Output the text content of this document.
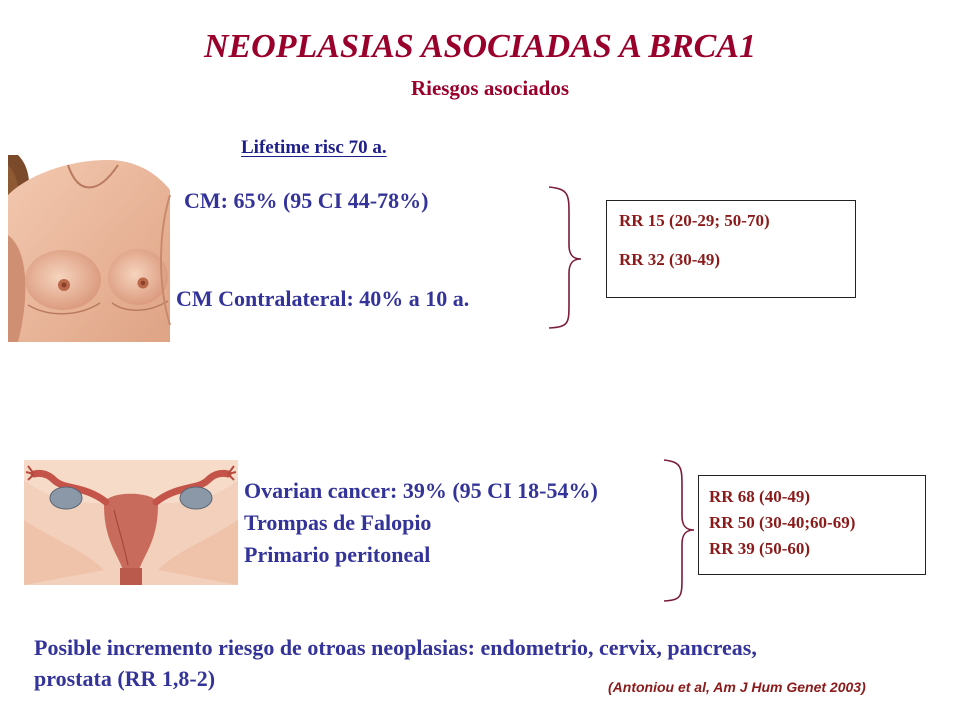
NEOPLASIAS ASOCIADAS A BRCA1
Riesgos asociados
Lifetime risc 70 a.
CM: 65% (95 CI 44-78%)
CM Contralateral: 40% a 10 a.
RR 15 (20-29; 50-70)
RR 32 (30-49)
Ovarian cancer: 39% (95 CI 18-54%)
Trompas de Falopio
Primario peritoneal
RR 68 (40-49)
RR 50 (30-40;60-69)
RR 39 (50-60)
Posible incremento riesgo de otroas neoplasias: endometrio, cervix, pancreas, prostata (RR 1,8-2)	(Antoniou et al, Am J Hum Genet 2003)
